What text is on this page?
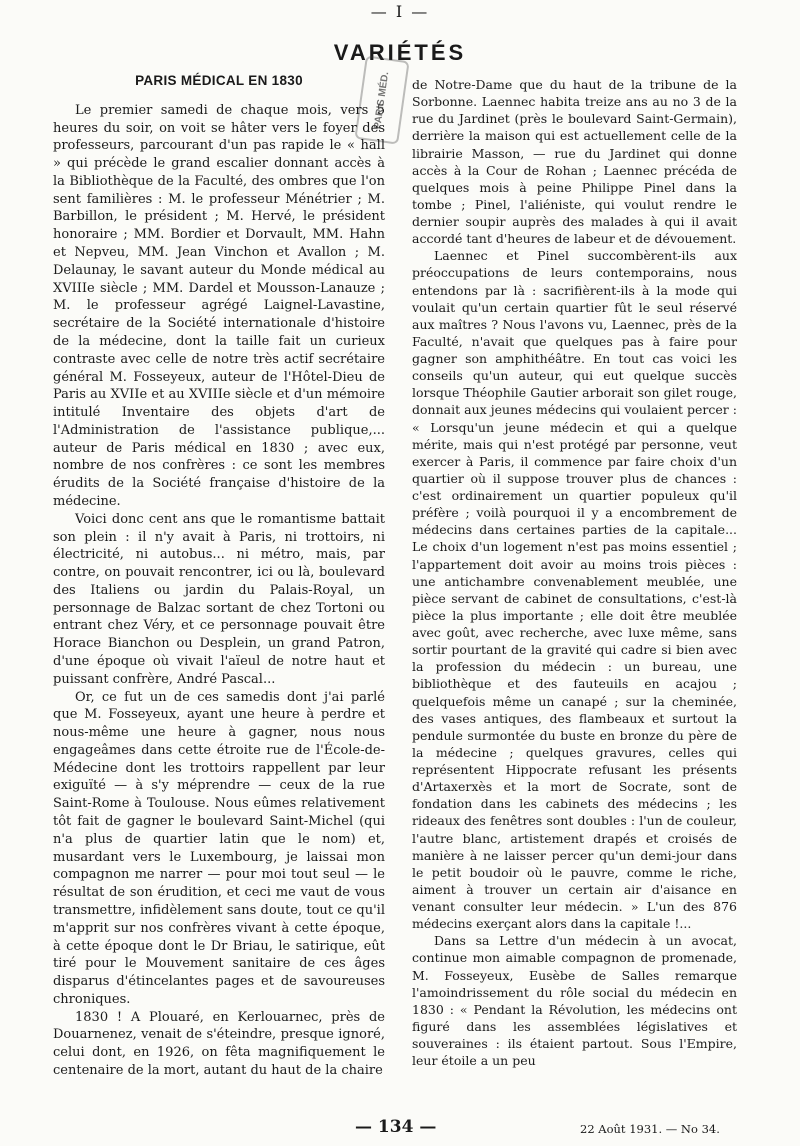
— I —
VARIÉTÉS
PARIS MÉD.
PARIS MÉDICAL EN 1830

Le premier samedi de chaque mois, vers 5 heures du soir, on voit se hâter vers le foyer des professeurs, parcourant d'un pas rapide le « hall » qui précède le grand escalier donnant accès à la Bibliothèque de la Faculté, des ombres que l'on sent familières : M. le professeur Ménétrier ; M. Barbillon, le président ; M. Hervé, le président honoraire ; MM. Bordier et Dorvault, MM. Hahn et Nepveu, MM. Jean Vinchon et Avallon ; M. Delaunay, le savant auteur du Monde médical au XVIIIe siècle ; MM. Dardel et Mousson-Lanauze ; M. le professeur agrégé Laignel-Lavastine, secrétaire de la Société internationale d'histoire de la médecine, dont la taille fait un curieux contraste avec celle de notre très actif secrétaire général M. Fosseyeux, auteur de l'Hôtel-Dieu de Paris au XVIIe et au XVIIIe siècle et d'un mémoire intitulé Inventaire des objets d'art de l'Administration de l'assistance publique,... auteur de Paris médical en 1830 ; avec eux, nombre de nos confrères : ce sont les membres érudits de la Société française d'histoire de la médecine.

Voici donc cent ans que le romantisme battait son plein : il n'y avait à Paris, ni trottoirs, ni électricité, ni autobus... ni métro, mais, par contre, on pouvait rencontrer, ici ou là, boulevard des Italiens ou jardin du Palais-Royal, un personnage de Balzac sortant de chez Tortoni ou entrant chez Véry, et ce personnage pouvait être Horace Bianchon ou Desplein, un grand Patron, d'une époque où vivait l'aïeul de notre haut et puissant confrère, André Pascal...

Or, ce fut un de ces samedis dont j'ai parlé que M. Fosseyeux, ayant une heure à perdre et nous-même une heure à gagner, nous nous engageâmes dans cette étroite rue de l'École-de-Médecine dont les trottoirs rappellent par leur exiguïté — à s'y méprendre — ceux de la rue Saint-Rome à Toulouse. Nous eûmes relativement tôt fait de gagner le boulevard Saint-Michel (qui n'a plus de quartier latin que le nom) et, musardant vers le Luxembourg, je laissai mon compagnon me narrer — pour moi tout seul — le résultat de son érudition, et ceci me vaut de vous transmettre, infidèlement sans doute, tout ce qu'il m'apprit sur nos confrères vivant à cette époque, à cette époque dont le Dr Briau, le satirique, eût tiré pour le Mouvement sanitaire de ces âges disparus d'étincelantes pages et de savoureuses chroniques.

1830 ! A Plouaré, en Kerlouarnec, près de Douarnenez, venait de s'éteindre, presque ignoré, celui dont, en 1926, on fêta magnifiquement le centenaire de la mort, autant du haut de la chaire

de Notre-Dame que du haut de la tribune de la Sorbonne. Laennec habita treize ans au no 3 de la rue du Jardinet (près le boulevard Saint-Germain), derrière la maison qui est actuellement celle de la librairie Masson, — rue du Jardinet qui donne accès à la Cour de Rohan ; Laennec précéda de quelques mois à peine Philippe Pinel dans la tombe ; Pinel, l'aliéniste, qui voulut rendre le dernier soupir auprès des malades à qui il avait accordé tant d'heures de labeur et de dévouement.

Laennec et Pinel succombèrent-ils aux préoccupations de leurs contemporains, nous entendons par là : sacrifièrent-ils à la mode qui voulait qu'un certain quartier fût le seul réservé aux maîtres ? Nous l'avons vu, Laennec, près de la Faculté, n'avait que quelques pas à faire pour gagner son amphithéâtre. En tout cas voici les conseils qu'un auteur, qui eut quelque succès lorsque Théophile Gautier arborait son gilet rouge, donnait aux jeunes médecins qui voulaient percer : « Lorsqu'un jeune médecin et qui a quelque mérite, mais qui n'est protégé par personne, veut exercer à Paris, il commence par faire choix d'un quartier où il suppose trouver plus de chances : c'est ordinairement un quartier populeux qu'il préfère ; voilà pourquoi il y a encombrement de médecins dans certaines parties de la capitale... Le choix d'un logement n'est pas moins essentiel ; l'appartement doit avoir au moins trois pièces : une antichambre convenablement meublée, une pièce servant de cabinet de consultations, c'est-là pièce la plus importante ; elle doit être meublée avec goût, avec recherche, avec luxe même, sans sortir pourtant de la gravité qui cadre si bien avec la profession du médecin : un bureau, une bibliothèque et des fauteuils en acajou ; quelquefois même un canapé ; sur la cheminée, des vases antiques, des flambeaux et surtout la pendule surmontée du buste en bronze du père de la médecine ; quelques gravures, celles qui représentent Hippocrate refusant les présents d'Artaxerxès et la mort de Socrate, sont de fondation dans les cabinets des médecins ; les rideaux des fenêtres sont doubles : l'un de couleur, l'autre blanc, artistement drapés et croisés de manière à ne laisser percer qu'un demi-jour dans le petit boudoir où le pauvre, comme le riche, aiment à trouver un certain air d'aisance en venant consulter leur médecin. » L'un des 876 médecins exerçant alors dans la capitale !...

Dans sa Lettre d'un médecin à un avocat, continue mon aimable compagnon de promenade, M. Fosseyeux, Eusèbe de Salles remarque l'amoindrissement du rôle social du médecin en 1830 : « Pendant la Révolution, les médecins ont figuré dans les assemblées législatives et souveraines : ils étaient partout. Sous l'Empire, leur étoile a un peu

— 134 —	22 Août 1931. — No 34.
